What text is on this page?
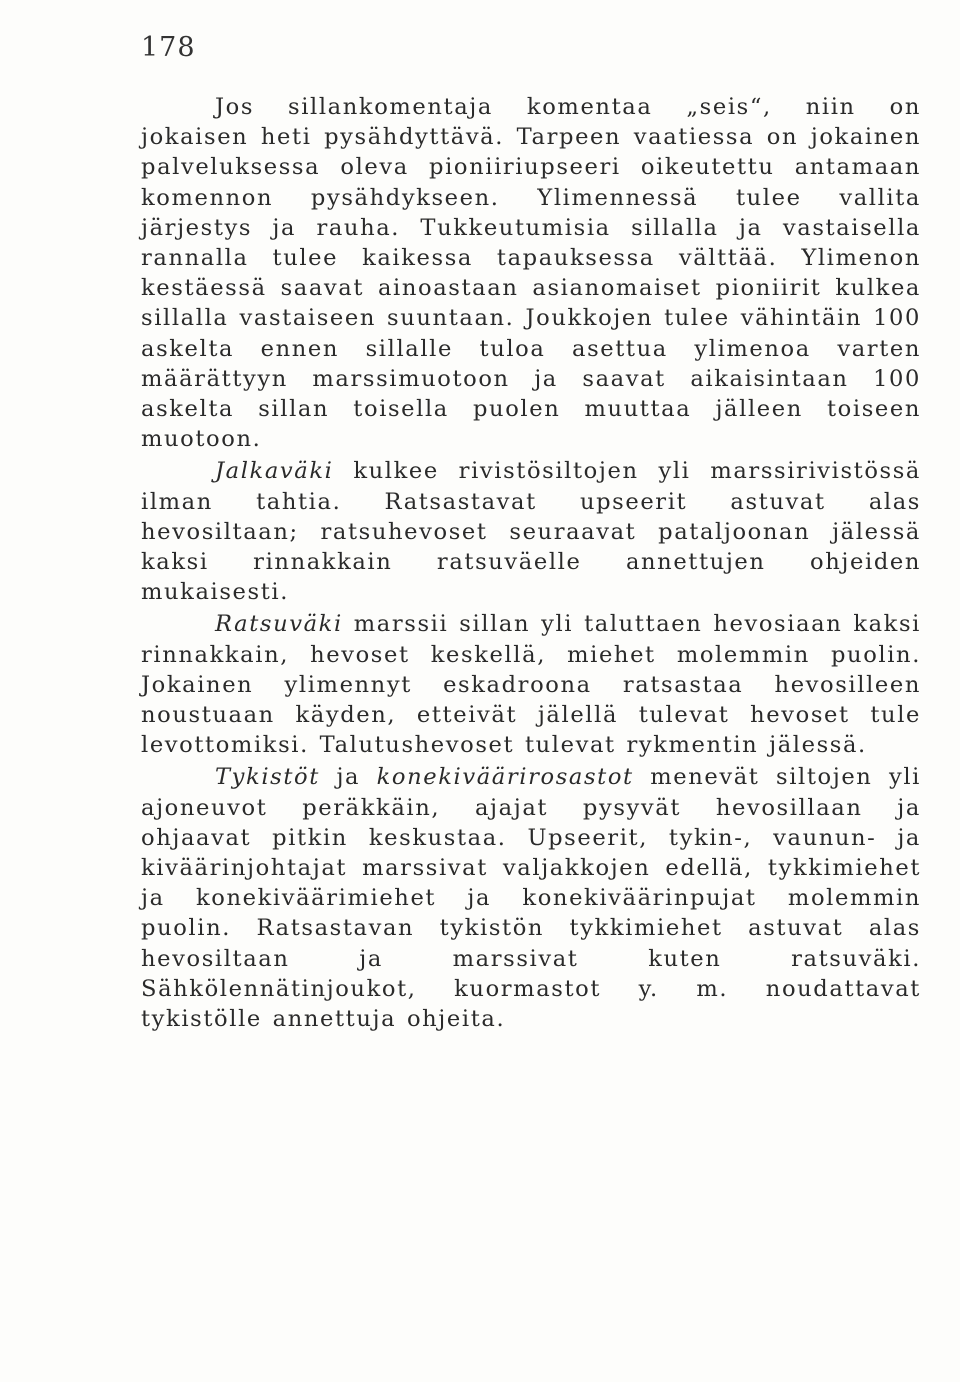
178

Jos sillankomentaja komentaa „seis“, niin on jokaisen heti pysähdyttävä. Tarpeen vaatiessa on jokainen palveluksessa oleva pioniiriupseeri oikeutettu antamaan komennon pysähdykseen. Ylimennessä tulee vallita järjestys ja rauha. Tukkeutumisia sillalla ja vastaisella rannalla tulee kaikessa tapauksessa välttää. Ylimenon kestäessä saavat ainoastaan asianomaiset pioniirit kulkea sillalla vastaiseen suuntaan. Joukkojen tulee vähintäin 100 askelta ennen sillalle tuloa asettua ylimenoa varten määrättyyn marssimuotoon ja saavat aikaisintaan 100 askelta sillan toisella puolen muuttaa jälleen toiseen muotoon.

Jalkaväki kulkee rivistösiltojen yli marssirivistössä ilman tahtia. Ratsastavat upseerit astuvat alas hevosiltaan; ratsuhevoset seuraavat pataljoonan jälessä kaksi rinnakkain ratsuväelle annettujen ohjeiden mukaisesti.

Ratsuväki marssii sillan yli taluttaen hevosiaan kaksi rinnakkain, hevoset keskellä, miehet molemmin puolin. Jokainen ylimennyt eskadroona ratsastaa hevosilleen noustuaan käyden, etteivät jälellä tulevat hevoset tule levottomiksi. Talutushevoset tulevat rykmentin jälessä.

Tykistöt ja konekiväärirosastot menevät siltojen yli ajoneuvot peräkkäin, ajajat pysyvät hevosillaan ja ohjaavat pitkin keskustaa. Upseerit, tykin-, vaunun- ja kiväärinjohtajat marssivat valjakkojen edellä, tykkimiehet ja konekiväärimiehet ja konekiväärinpujat molemmin puolin. Ratsastavan tykistön tykkimiehet astuvat alas hevosiltaan ja marssivat kuten ratsuväki. Sähkölennätinjoukot, kuormastot y. m. noudattavat tykistölle annettuja ohjeita.
